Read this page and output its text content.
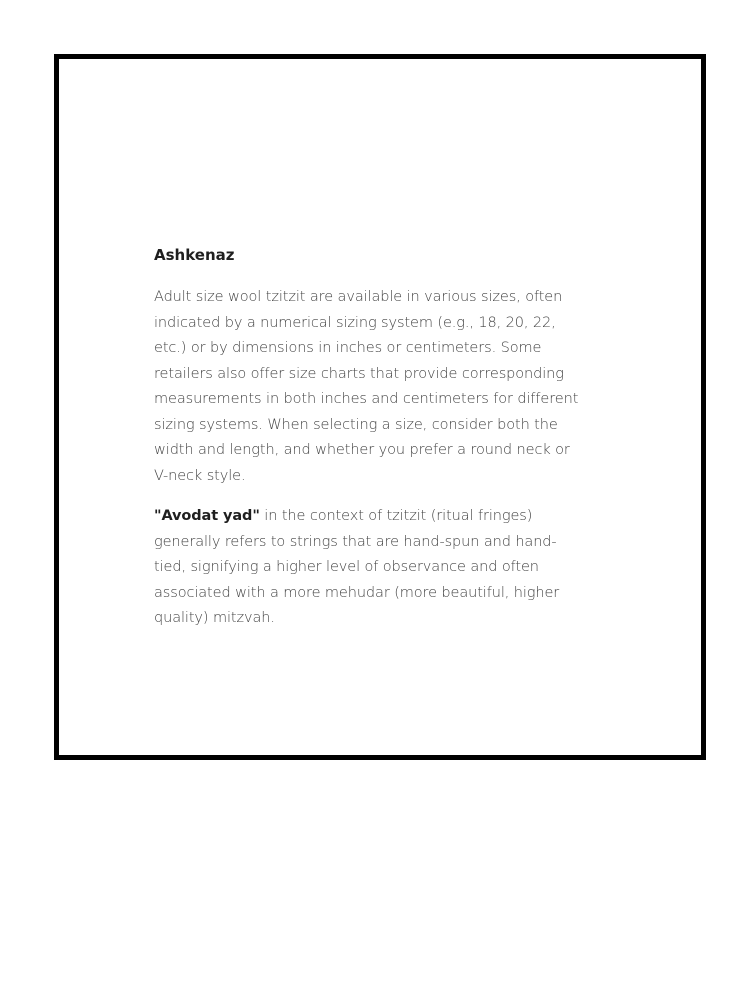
Ashkenaz

Adult size wool tzitzit are available in various sizes, often indicated by a numerical sizing system (e.g., 18, 20, 22, etc.) or by dimensions in inches or centimeters. Some retailers also offer size charts that provide corresponding measurements in both inches and centimeters for different sizing systems. When selecting a size, consider both the width and length, and whether you prefer a round neck or V-neck style.

"Avodat yad" in the context of tzitzit (ritual fringes) generally refers to strings that are hand-spun and hand-tied, signifying a higher level of observance and often associated with a more mehudar (more beautiful, higher quality) mitzvah.
